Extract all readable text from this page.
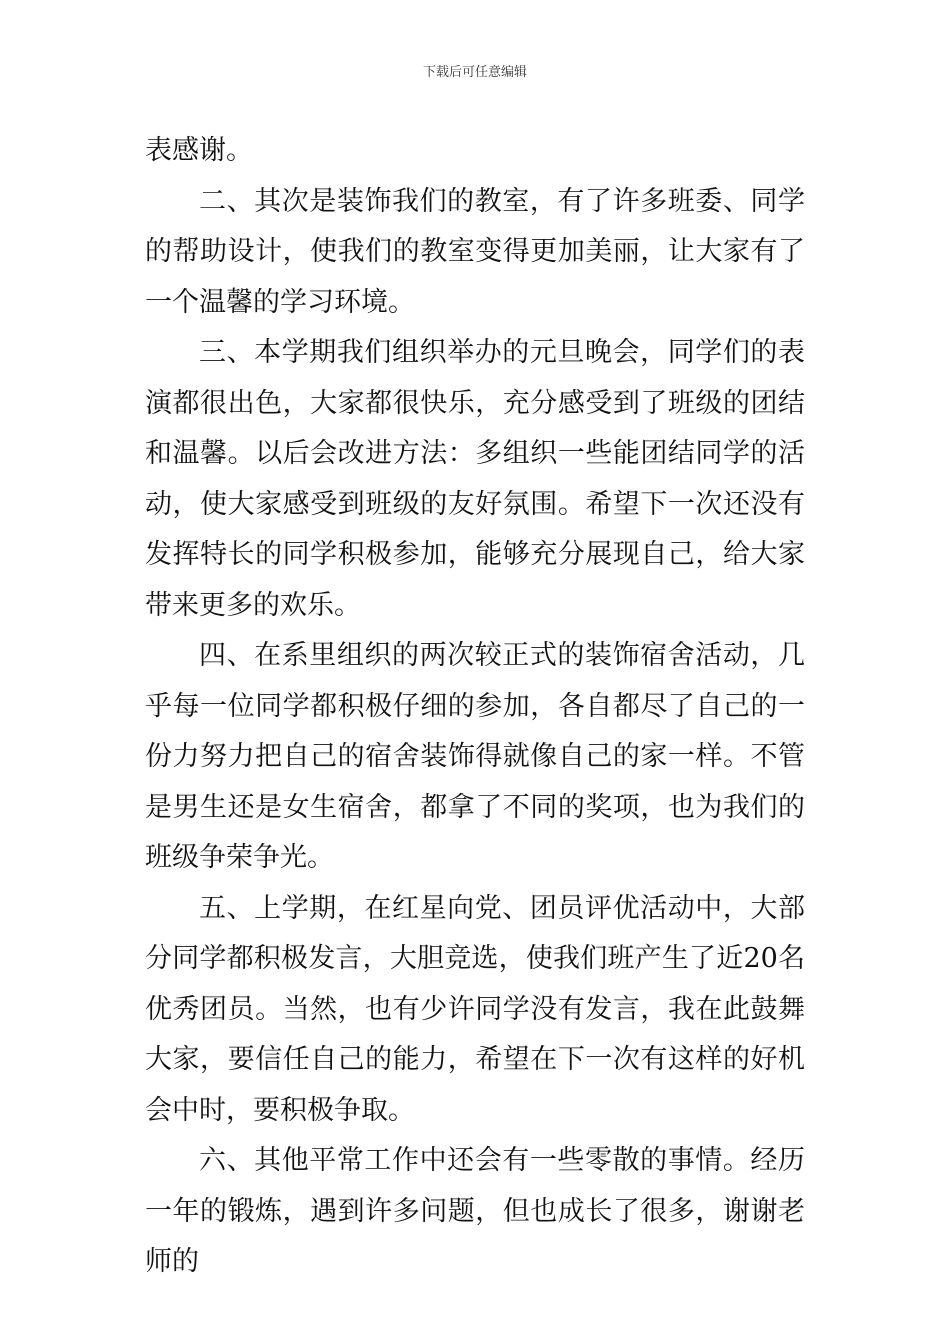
下载后可任意编辑

表感谢。

二、其次是装饰我们的教室，有了许多班委、同学的帮助设计，使我们的教室变得更加美丽，让大家有了一个温馨的学习环境。

三、本学期我们组织举办的元旦晚会，同学们的表演都很出色，大家都很快乐，充分感受到了班级的团结和温馨。以后会改进方法：多组织一些能团结同学的活动，使大家感受到班级的友好氛围。希望下一次还没有发挥特长的同学积极参加，能够充分展现自己，给大家带来更多的欢乐。

四、在系里组织的两次较正式的装饰宿舍活动，几乎每一位同学都积极仔细的参加，各自都尽了自己的一份力努力把自己的宿舍装饰得就像自己的家一样。不管是男生还是女生宿舍，都拿了不同的奖项，也为我们的班级争荣争光。

五、上学期，在红星向党、团员评优活动中，大部分同学都积极发言，大胆竞选，使我们班产生了近20名优秀团员。当然，也有少许同学没有发言，我在此鼓舞大家，要信任自己的能力，希望在下一次有这样的好机会中时，要积极争取。

六、其他平常工作中还会有一些零散的事情。经历一年的锻炼，遇到许多问题，但也成长了很多，谢谢老师的
